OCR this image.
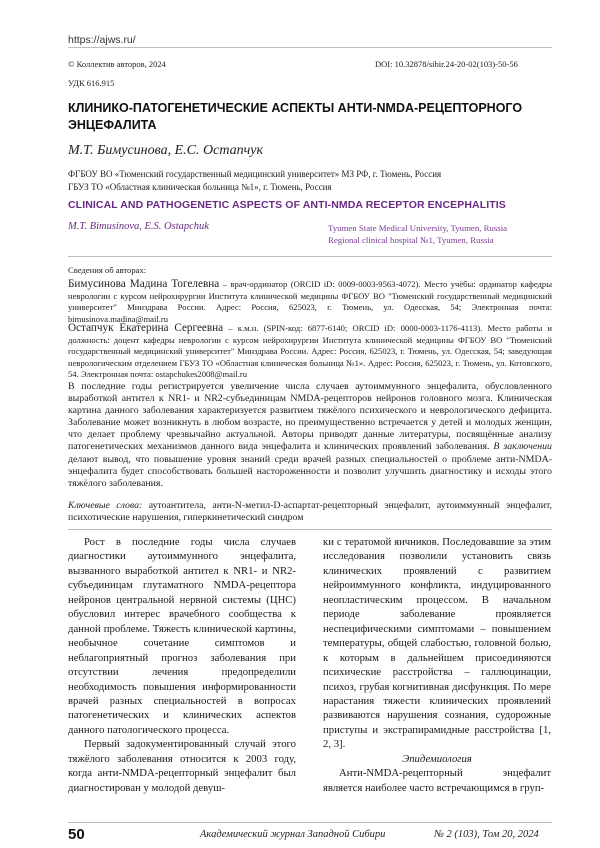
https://ajws.ru/
© Коллектив авторов, 2024	DOI: 10.32878/sibir.24-20-02(103)-50-56
УДК 616.915
КЛИНИКО-ПАТОГЕНЕТИЧЕСКИЕ АСПЕКТЫ АНТИ-NMDA-РЕЦЕПТОРНОГО ЭНЦЕФАЛИТА
М.Т. Бимусинова, Е.С. Остапчук
ФГБОУ ВО «Тюменский государственный медицинский университет» МЗ РФ, г. Тюмень, Россия
ГБУЗ ТО «Областная клиническая больница №1», г. Тюмень, Россия
CLINICAL AND PATHOGENETIC ASPECTS OF ANTI-NMDA RECEPTOR ENCEPHALITIS
M.T. Bimusinova, E.S. Ostapchuk	Tyumen State Medical University, Tyumen, Russia
Regional clinical hospital №1, Tyumen, Russia
Сведения об авторах:
Бимусинова Мадина Тогелевна – врач-ординатор (ORCID iD: 0009-0003-9563-4072). Место учёбы: ординатор кафедры неврологии с курсом нейрохирургии Института клинической медицины ФГБОУ ВО "Тюменский государственный медицинский университет" Минздрава России. Адрес: Россия, 625023, г. Тюмень, ул. Одесская, 54; Электронная почта: bimusinova.madina@mail.ru
Остапчук Екатерина Сергеевна – к.м.н. (SPIN-код: 6877-6140; ORCID iD: 0000-0003-1176-4113). Место работы и должность: доцент кафедры неврологии с курсом нейрохирургии Института клинической медицины ФГБОУ ВО "Тюменский государственный медицинский университет" Минздрава России. Адрес: Россия, 625023, г. Тюмень, ул. Одесская, 54; заведующая неврологическим отделением ГБУЗ ТО «Областная клиническая больница №1». Адрес: Россия, 625023, г. Тюмень, ул. Котовского, 54. Электронная почта: ostapchukes2008@mail.ru
В последние годы регистрируется увеличение числа случаев аутоиммунного энцефалита, обусловленного выработкой антител к NR1- и NR2-субъединицам NMDA-рецепторов нейронов головного мозга. Клиническая картина данного заболевания характеризуется развитием тяжёлого психического и неврологического дефицита. Заболевание может возникнуть в любом возрасте, но преимущественно встречается у детей и молодых женщин, что делает проблему чрезвычайно актуальной. Авторы приводят данные литературы, посвящённые анализу патогенетических механизмов данного вида энцефалита и клинических проявлений заболевания. В заключении делают вывод, что повышение уровня знаний среди врачей разных специальностей о проблеме анти-NMDA-энцефалита будет способствовать большей настороженности и позволит улучшить диагностику и исходы этого тяжёлого заболевания.
Ключевые слова: аутоантитела, анти-N-метил-D-аспартат-рецепторный энцефалит, аутоиммунный энцефалит, психотические нарушения, гиперкинетический синдром

Рост в последние годы числа случаев диагностики аутоиммунного энцефалита, вызванного выработкой антител к NR1- и NR2-субъединицам глутаматного NMDA-рецептора нейронов центральной нервной системы (ЦНС) обусловил интерес врачебного сообщества к данной проблеме. Тяжесть клинической картины, необычное сочетание симптомов и неблагоприятный прогноз заболевания при отсутствии лечения предопределили необходимость повышения информированности врачей разных специальностей в вопросах патогенетических и клинических аспектов данного патологического процесса.

Первый задокументированный случай этого тяжёлого заболевания относится к 2003 году, когда анти-NMDA-рецепторный энцефалит был диагностирован у молодой девуш-

ки с тератомой яичников. Последовавшие за этим исследования позволили установить связь клинических проявлений с развитием нейроиммунного конфликта, индуцированного неопластическим процессом. В начальном периоде заболевание проявляется неспецифическими симптомами – повышением температуры, общей слабостью, головной болью, к которым в дальнейшем присоединяются психические расстройства – галлюцинации, психоз, грубая когнитивная дисфункция. По мере нарастания тяжести клинических проявлений развиваются нарушения сознания, судорожные приступы и экстрапирамидные расстройства [1, 2, 3].

Эпидемиология

Анти-NMDA-рецепторный энцефалит является наиболее часто встречающимся в груп-

50	Академический журнал Западной Сибири	№ 2 (103), Том 20, 2024
